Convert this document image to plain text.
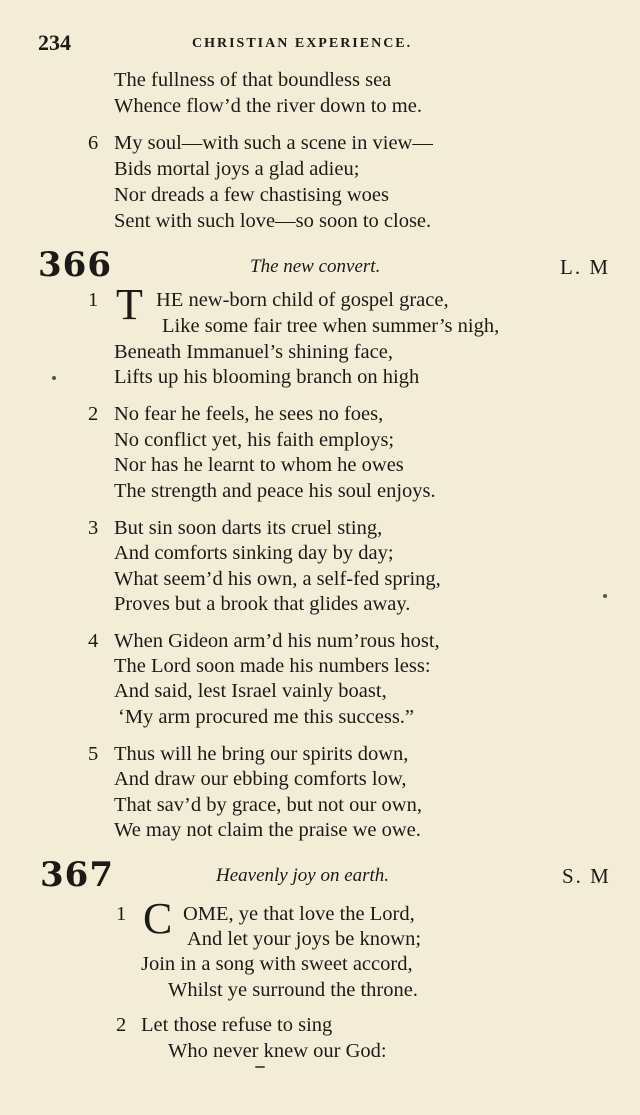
234	CHRISTIAN EXPERIENCE.
The fullness of that boundless sea
Whence flow’d the river down to me.
6 My soul—with such a scene in view—
Bids mortal joys a glad adieu;
Nor dreads a few chastising woes
Sent with such love—so soon to close.
366	The new convert.	L. M
1 T HE new-born child of gospel grace,
Like some fair tree when summer’s nigh,
Beneath Immanuel’s shining face,
Lifts up his blooming branch on high
2 No fear he feels, he sees no foes,
No conflict yet, his faith employs;
Nor has he learnt to whom he owes
The strength and peace his soul enjoys.
3 But sin soon darts its cruel sting,
And comforts sinking day by day;
What seem’d his own, a self-fed spring,
Proves but a brook that glides away.
4 When Gideon arm’d his num’rous host,
The Lord soon made his numbers less:
And said, lest Israel vainly boast,
‘My arm procured me this success.”
5 Thus will he bring our spirits down,
And draw our ebbing comforts low,
That sav’d by grace, but not our own,
We may not claim the praise we owe.
367	Heavenly joy on earth.	S. M
1 C OME, ye that love the Lord,
And let your joys be known;
Join in a song with sweet accord,
Whilst ye surround the throne.
2 Let those refuse to sing
Who never knew our God:
